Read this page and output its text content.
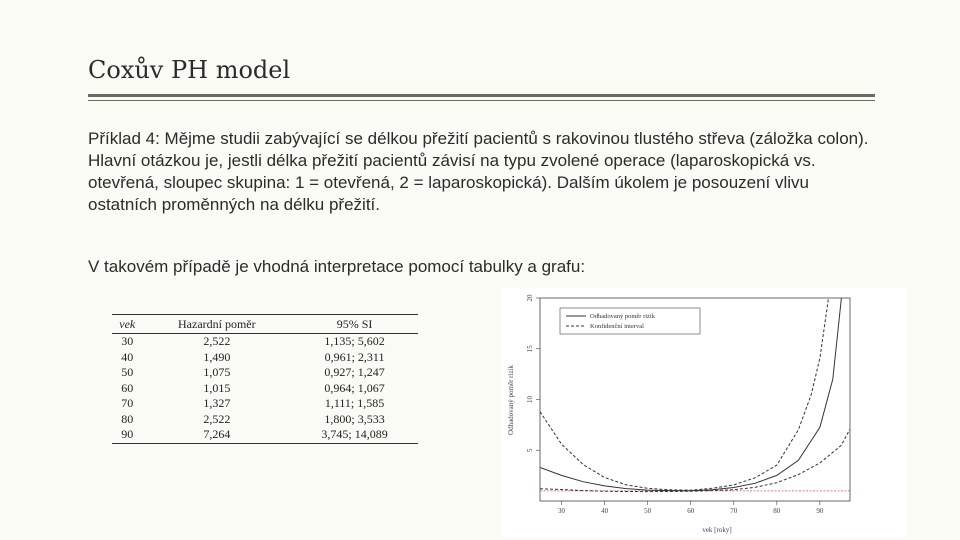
Coxův PH model
Příklad 4: Mějme studii zabývající se délkou přežití pacientů s rakovinou tlustého střeva (záložka colon). Hlavní otázkou je, jestli délka přežití pacientů závisí na typu zvolené operace (laparoskopická vs. otevřená, sloupec skupina: 1 = otevřená, 2 = laparoskopická). Dalším úkolem je posouzení vlivu ostatních proměnných na délku přežití.
V takovém případě je vhodná interpretace pomocí tabulky a grafu:
vek	Hazardní poměr	95% SI
30	2,522	1,135; 5,602
40	1,490	0,961; 2,311
50	1,075	0,927; 1,247
60	1,015	0,964; 1,067
70	1,327	1,111; 1,585
80	2,522	1,800; 3,533
90	7,264	3,745; 14,089
30	40	50	60	70	80	90
5
10
15
20
Odhadovaný poměr rizik
vek [roky]
Odhadovaný poměr rizik
Konfidenční interval
